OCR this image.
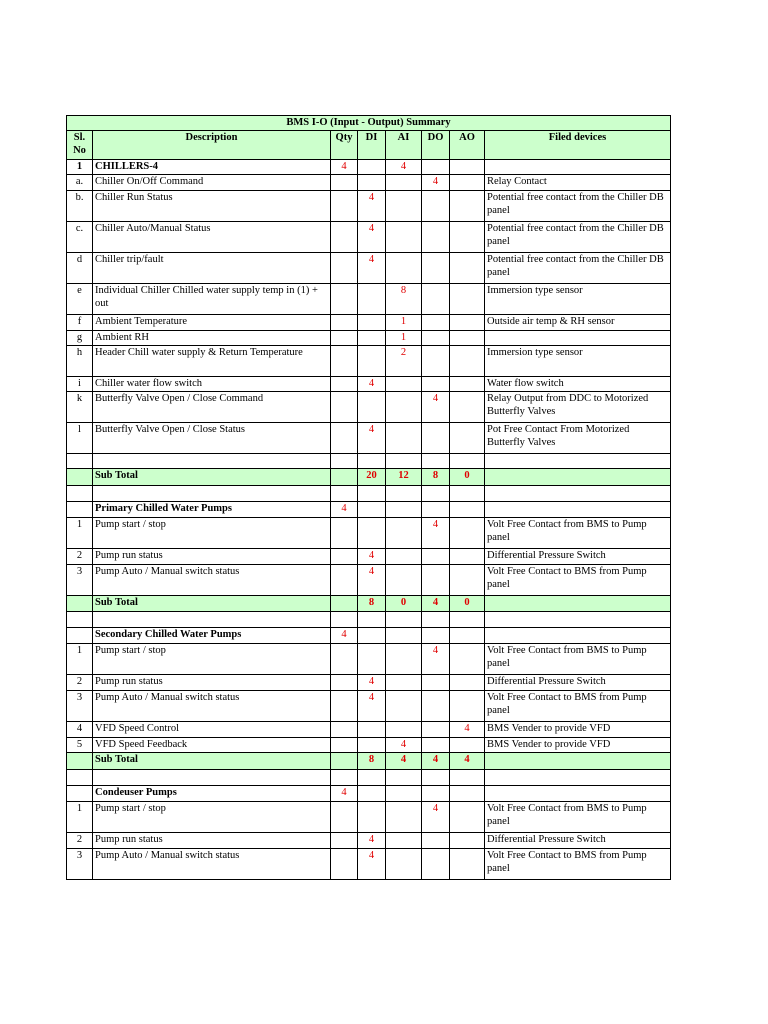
BMS I-O (Input - Output) Summary							
Sl. No	Description	Qty	DI	AI	DO	AO	Filed devices
1	CHILLERS-4	4		4			
a.	Chiller On/Off Command				4		Relay Contact
b.	Chiller Run Status		4				Potential free contact from the Chiller DB panel
c.	Chiller Auto/Manual Status		4				Potential free contact from the Chiller DB panel
d	Chiller trip/fault		4				Potential free contact from the Chiller DB panel
e	Individual Chiller Chilled water supply temp in (1) + out			8			Immersion type sensor
f	Ambient Temperature			1			Outside air temp & RH sensor
g	Ambient RH			1			
h	Header Chill water supply & Return Temperature			2			Immersion type sensor
i	Chiller water flow switch		4				Water flow switch
k	Butterfly Valve Open / Close Command				4		Relay Output from DDC to Motorized Butterfly Valves
l	Butterfly Valve Open / Close Status		4				Pot Free Contact From Motorized Butterfly Valves

	Sub Total		20	12	8	0	

	Primary Chilled Water Pumps	4					
1	Pump start / stop				4		Volt Free Contact from BMS to Pump panel
2	Pump run status		4				Differential Pressure Switch
3	Pump Auto / Manual switch status		4				Volt Free Contact to BMS from Pump panel
	Sub Total		8	0	4	0	

	Secondary Chilled Water Pumps	4					
1	Pump start / stop				4		Volt Free Contact from BMS to Pump panel
2	Pump run status		4				Differential Pressure Switch
3	Pump Auto / Manual switch status		4				Volt Free Contact to BMS from Pump panel
4	VFD Speed Control					4	BMS Vender to provide VFD
5	VFD Speed Feedback			4			BMS Vender to provide VFD
	Sub Total		8	4	4	4	

	Condeuser Pumps	4					
1	Pump start / stop				4		Volt Free Contact from BMS to Pump panel
2	Pump run status		4				Differential Pressure Switch
3	Pump Auto / Manual switch status		4				Volt Free Contact to BMS from Pump panel
